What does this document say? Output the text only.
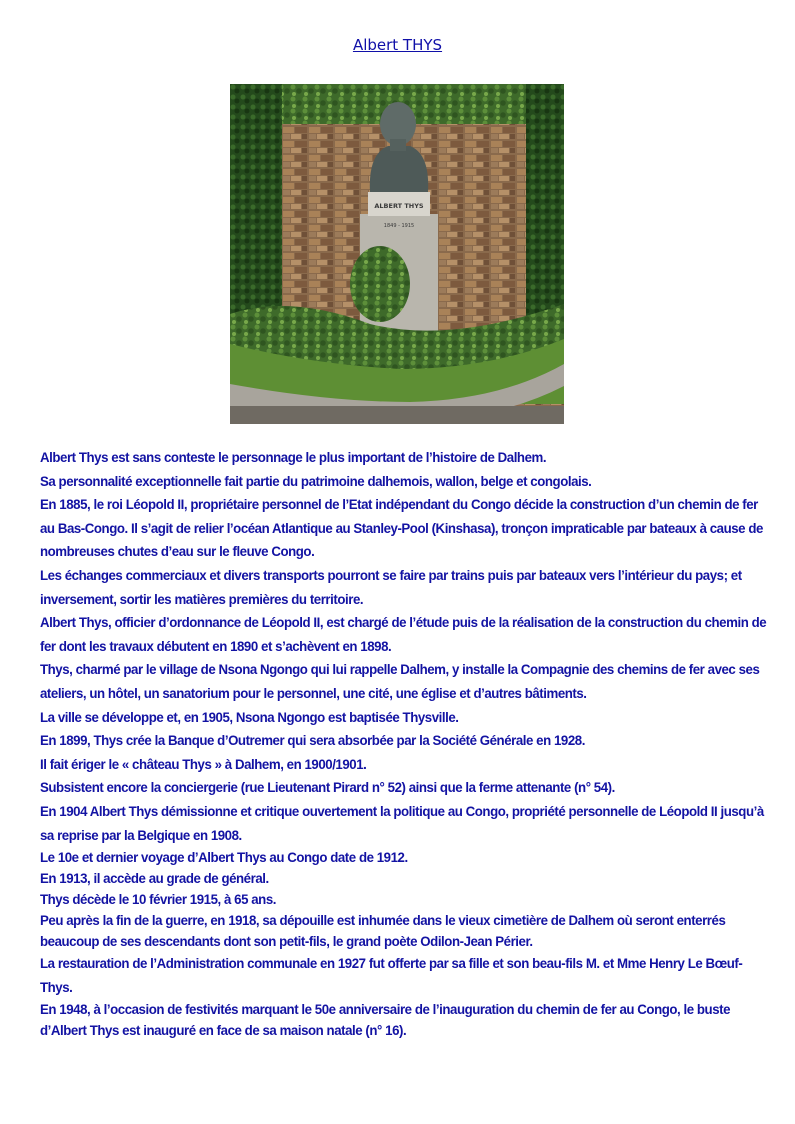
Albert THYS
ALBERT THYS
1849 - 1915

Albert Thys est sans conteste le personnage le plus important de l’histoire de Dalhem.

Sa personnalité exceptionnelle fait partie du patrimoine dalhemois, wallon, belge et congolais.

En 1885, le roi Léopold II, propriétaire personnel de l’Etat indépendant du Congo décide la construction d’un chemin de fer au Bas-Congo. Il s’agit de relier l’océan Atlantique au Stanley-Pool (Kinshasa), tronçon impraticable par bateaux à cause de nombreuses chutes d’eau sur le fleuve Congo.

Les échanges commerciaux et divers transports pourront se faire par trains puis par bateaux vers l’intérieur du pays; et inversement, sortir les matières premières du territoire.

Albert Thys, officier d’ordonnance de Léopold II, est chargé de l’étude puis de la réalisation de la construction du chemin de fer dont les travaux débutent en 1890 et s’achèvent en 1898.

Thys, charmé par le village de Nsona Ngongo qui lui rappelle Dalhem, y installe la Compagnie des chemins de fer avec ses ateliers, un hôtel, un sanatorium pour le personnel, une cité, une église et d’autres bâtiments.

La ville se développe et, en 1905, Nsona Ngongo est baptisée Thysville.

En 1899, Thys crée la Banque d’Outremer qui sera absorbée par la Société Générale en 1928.

Il fait ériger le « château Thys » à Dalhem, en 1900/1901.

Subsistent encore la conciergerie (rue Lieutenant Pirard n° 52) ainsi que la ferme attenante (n° 54).

En 1904 Albert Thys démissionne et critique ouvertement la politique au Congo, propriété personnelle de Léopold II jusqu’à sa reprise par la Belgique en 1908.

Le 10e et dernier voyage d’Albert Thys au Congo date de 1912.

En 1913, il accède au grade de général.

Thys décède le 10 février 1915, à 65 ans.

Peu après la fin de la guerre, en 1918, sa dépouille est inhumée dans le vieux cimetière de Dalhem où seront enterrés beaucoup de ses descendants dont son petit-fils, le grand poète Odilon-Jean Périer.

La restauration de l’Administration communale en 1927 fut offerte par sa fille et son beau-fils M. et Mme Henry Le Bœuf-Thys.

En 1948, à l’occasion de festivités marquant le 50e anniversaire de l’inauguration du chemin de fer au Congo, le buste d’Albert Thys est inauguré en face de sa maison natale (n° 16).
